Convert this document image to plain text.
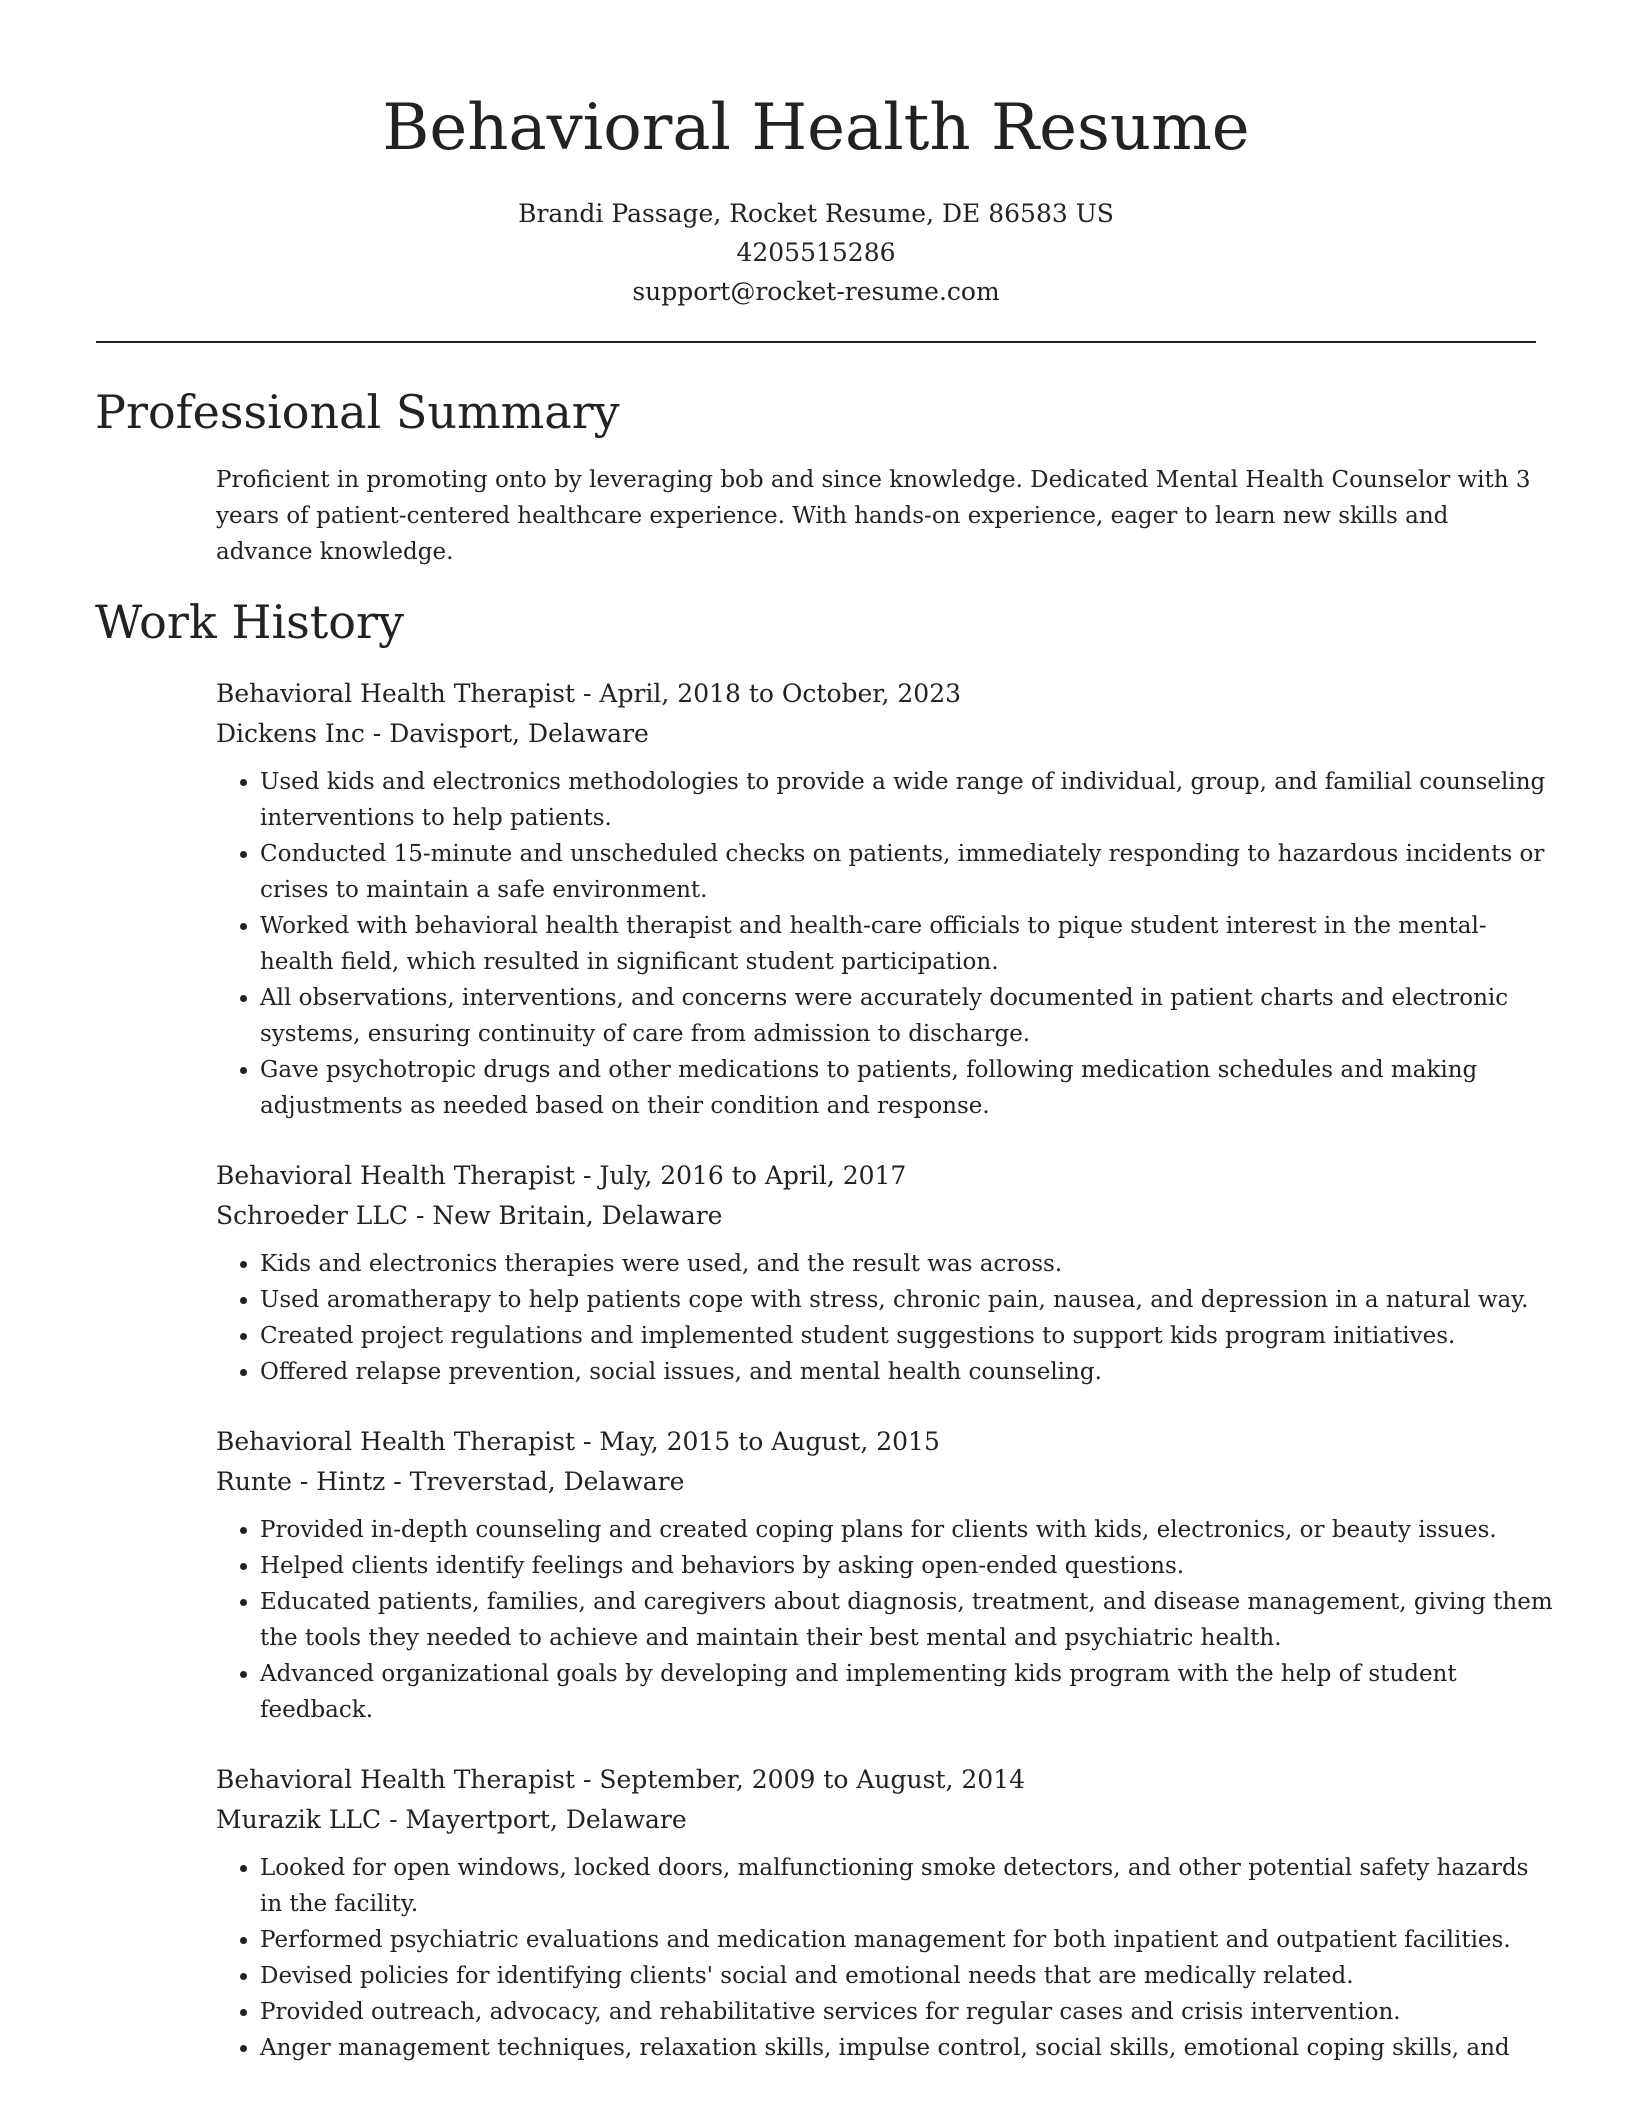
Behavioral Health Resume
Brandi Passage, Rocket Resume, DE 86583 US
4205515286
support@rocket-resume.com
Professional Summary

Proficient in promoting onto by leveraging bob and since knowledge. Dedicated Mental Health Counselor with 3 years of patient-centered healthcare experience. With hands-on experience, eager to learn new skills and advance knowledge.

Work History

Behavioral Health Therapist - April, 2018 to October, 2023

Dickens Inc - Davisport, Delaware

• Used kids and electronics methodologies to provide a wide range of individual, group, and familial counseling interventions to help patients.
• Conducted 15-minute and unscheduled checks on patients, immediately responding to hazardous incidents or crises to maintain a safe environment.
• Worked with behavioral health therapist and health-care officials to pique student interest in the mental-health field, which resulted in significant student participation.
• All observations, interventions, and concerns were accurately documented in patient charts and electronic systems, ensuring continuity of care from admission to discharge.
• Gave psychotropic drugs and other medications to patients, following medication schedules and making adjustments as needed based on their condition and response.

Behavioral Health Therapist - July, 2016 to April, 2017

Schroeder LLC - New Britain, Delaware

• Kids and electronics therapies were used, and the result was across.
• Used aromatherapy to help patients cope with stress, chronic pain, nausea, and depression in a natural way.
• Created project regulations and implemented student suggestions to support kids program initiatives.
• Offered relapse prevention, social issues, and mental health counseling.

Behavioral Health Therapist - May, 2015 to August, 2015

Runte - Hintz - Treverstad, Delaware

• Provided in-depth counseling and created coping plans for clients with kids, electronics, or beauty issues.
• Helped clients identify feelings and behaviors by asking open-ended questions.
• Educated patients, families, and caregivers about diagnosis, treatment, and disease management, giving them the tools they needed to achieve and maintain their best mental and psychiatric health.
• Advanced organizational goals by developing and implementing kids program with the help of student feedback.

Behavioral Health Therapist - September, 2009 to August, 2014

Murazik LLC - Mayertport, Delaware

• Looked for open windows, locked doors, malfunctioning smoke detectors, and other potential safety hazards in the facility.
• Performed psychiatric evaluations and medication management for both inpatient and outpatient facilities.
• Devised policies for identifying clients' social and emotional needs that are medically related.
• Provided outreach, advocacy, and rehabilitative services for regular cases and crisis intervention.
• Anger management techniques, relaxation skills, impulse control, social skills, emotional coping skills, and
